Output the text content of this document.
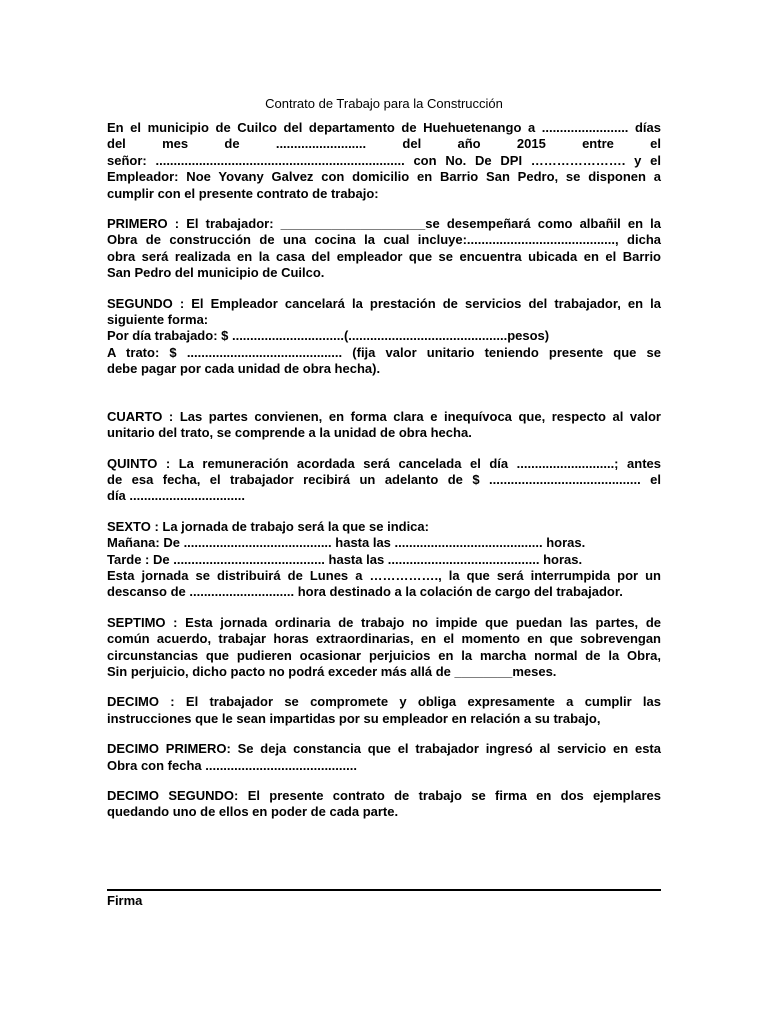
Contrato de Trabajo para la Construcción
En el municipio de Cuilco del departamento de Huehuetenango a ........................ días
del mes de ......................... del año 2015 entre el
señor: ..................................................................... con No. De DPI …………………. y el
Empleador: Noe Yovany Galvez con domicilio en Barrio San Pedro, se disponen a
cumplir con el presente contrato de trabajo:
PRIMERO : El trabajador: ____________________se desempeñará como albañil en la
Obra de construcción de una cocina la cual incluye:........................................., dicha
obra será realizada en la casa del empleador que se encuentra ubicada en el Barrio
San Pedro del municipio de Cuilco.
SEGUNDO : El Empleador cancelará la prestación de servicios del trabajador, en la
siguiente forma:
Por día trabajado: $ ...............................(............................................pesos)
A trato: $ ........................................... (fija valor unitario teniendo presente que se
debe pagar por cada unidad de obra hecha).
CUARTO : Las partes convienen, en forma clara e inequívoca que, respecto al valor
unitario del trato, se comprende a la unidad de obra hecha.
QUINTO : La remuneración acordada será cancelada el día ...........................; antes
de esa fecha, el trabajador recibirá un adelanto de $ .......................................... el
día ................................
SEXTO : La jornada de trabajo será la que se indica:
Mañana: De ......................................... hasta las ......................................... horas.
Tarde : De .......................................... hasta las .......................................... horas.
Esta jornada se distribuirá de Lunes a ……………., la que será interrumpida por un
descanso de ............................. hora destinado a la colación de cargo del trabajador.
SEPTIMO : Esta jornada ordinaria de trabajo no impide que puedan las partes, de
común acuerdo, trabajar horas extraordinarias, en el momento en que sobrevengan
circunstancias que pudieren ocasionar perjuicios en la marcha normal de la Obra,
Sin perjuicio, dicho pacto no podrá exceder más allá de ________meses.
DECIMO : El trabajador se compromete y obliga expresamente a cumplir las
instrucciones que le sean impartidas por su empleador en relación a su trabajo,
DECIMO PRIMERO: Se deja constancia que el trabajador ingresó al servicio en esta
Obra con fecha ..........................................
DECIMO SEGUNDO: El presente contrato de trabajo se firma en dos ejemplares
quedando uno de ellos en poder de cada parte.
Firma
